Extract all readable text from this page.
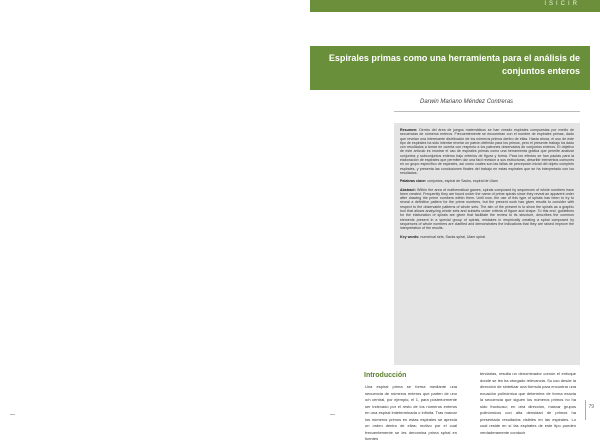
ISICIR
Espirales primas como una herramienta para el análisis de conjuntos enteros
Darwin Mariano Méndez Contreras

Resumen: Dentro del área de juegos matemáticos se han creado espirales compuestas por medio de secuencias de números enteros. Frecuentemente se encuentran con el nombre de espirales primas, dado que revelan una interesante distribución de los números primos dentro de ellas. Hasta ahora, el uso de este tipo de espirales ha sido intentar revelar un patrón definido para los primos, pero el presente trabajo ha dado con resultados a tomar en cuenta con respecto a los patrones observados de conjuntos enteros. El objetivo de este artículo es mostrar el uso de espirales primas como una herramienta gráfica que permite analizar conjuntos y subconjuntos enteros bajo criterios de figura y forma. Para los efectos se han pautas para la elaboración de espirales que permiten dar una facil revision a sus estructuras, describir elementos comunes en un grupo específico de espirales, así como cuáles son las fallas de percepción inicial del objeto completo espirales, y presenta las conclusiones finales del trabajo en estas espirales que se ha interpretado con los resultados.

Palabras clave: conjuntos, espiral de Sacks, espiral de Ulam

Abstract: Within the area of mathematical games, spirals composed by sequences of whole numbers have been created. Frequently they are found under the name of prime spirals since they reveal an apparent order after drawing the prime numbers within them. Until now, the use of this type of spirals has been to try to reveal a definitive pattern for the prime numbers, but the present work has given results to consider with respect to the observable patterns of whole sets. The aim of the present is to show the spirals as a graphic tool that allows analyzing whole sets and subsets under criteria of figure and shape. To this end, guidelines for the elaboration of spirals are given that facilitate the review to its structure, describes the common elements present in a special group of spirals, mistakes in empirically creating a spiral composed by sequences of whole numbers are clarified and demonstrates the indications that they are raised improve the interpretation of the results.

Key words: numerical sets, Sacks spiral, Ulam spiral.

Introducción
Una espiral prima se forma mediante una secuencia de números enteros que parten de uno o/n central, por ejemplo, el 1, para posteriormente ser indexado por el resto de los números enteros en una espiral indeterminada o infinita. Tras marcar los números primos en estas espirales se aprecia un orden dentro de ellas; motivo por el cual frecuentemente se les denomina prima spiral en fuentes
terciarias, resulta un denominador común el enfoque donde se les ha otorgado relevancia. Su uso desde la dirección de sintetizar una fórmula para encontrar una ecuación polinómica que determine de forma exacta la secuencia que siguen los números primos no ha sido fructuoso; en otra dirección, marcar grupos polinómicos con alta densidad de primos ha presentado resultados visibles en las espirales. Lo cual reside en sí las espirales de este tipo pueden verdaderamente conducir
79
